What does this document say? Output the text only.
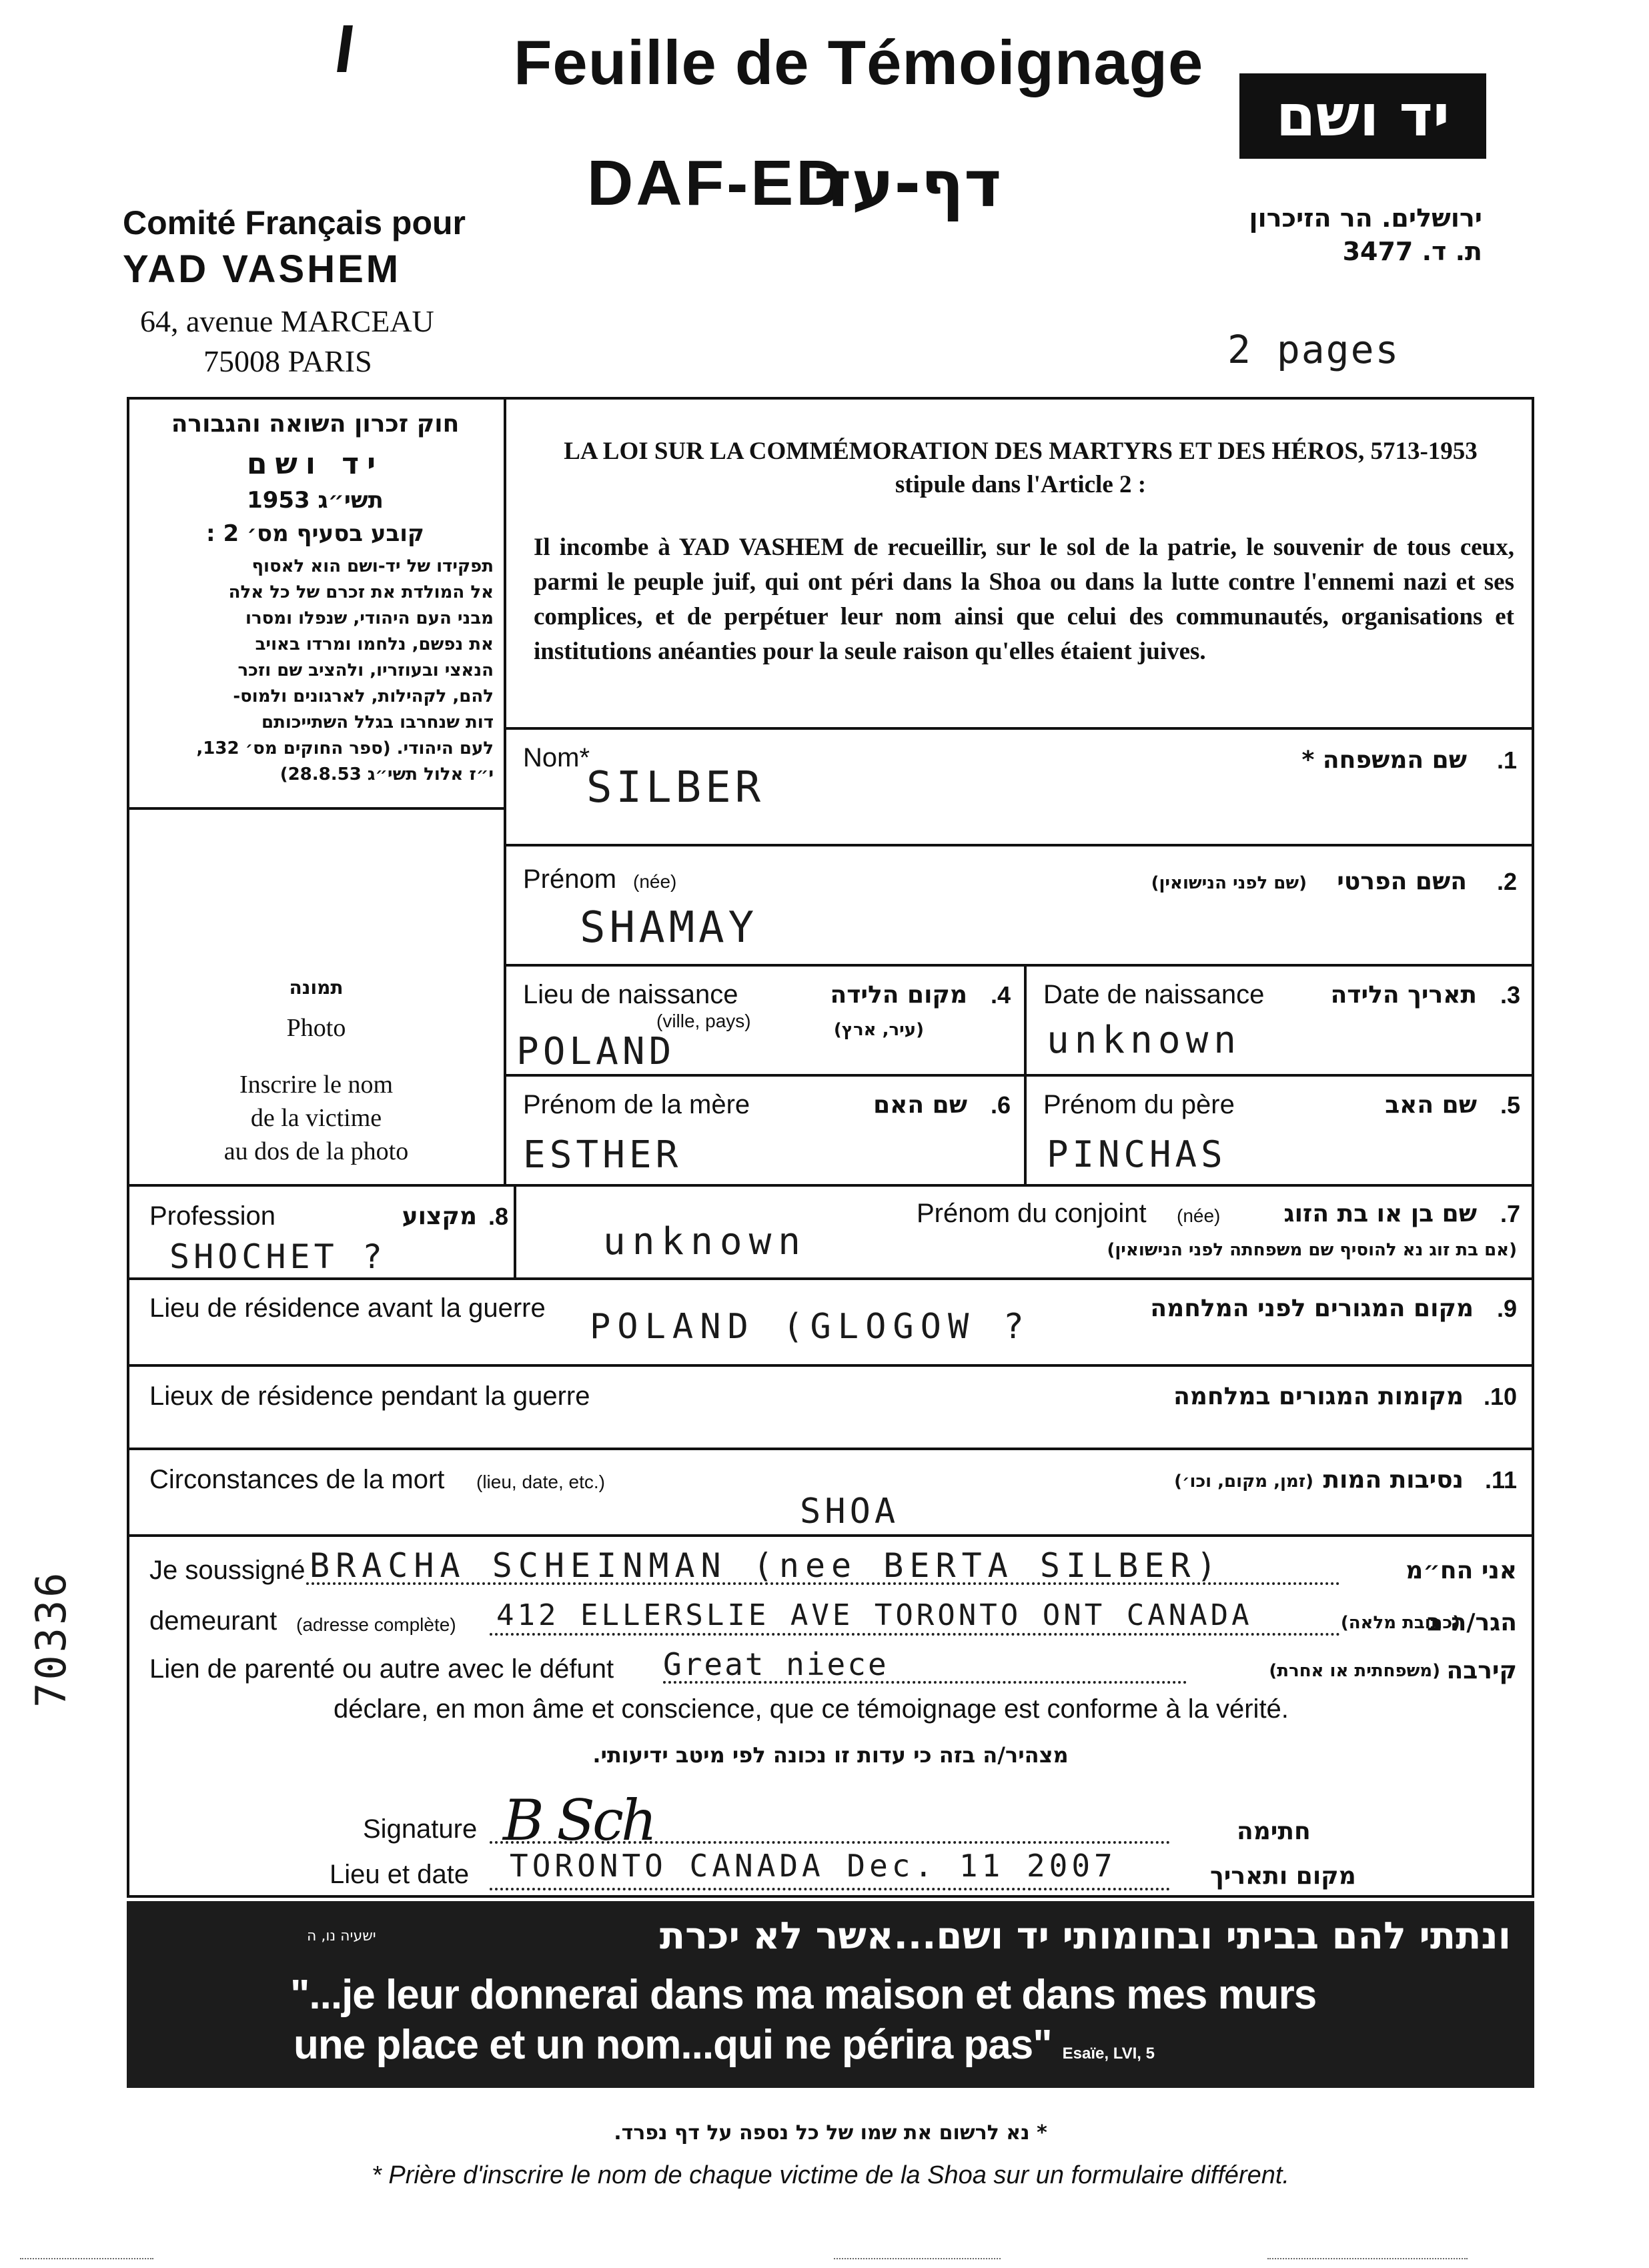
Feuille de Témoignage
DAF-ED
דף-עד
Comité Français pour
YAD VASHEM
64, avenue MARCEAU
75008 PARIS
יד ושם
ירושלים. הר הזיכרון
ת. ד. 3477
2 pages
חוק זכרון השואה והגבורה
יד ושם
תשי״ג 1953
קובע בסעיף מס׳ 2 :
תפקידו של יד-ושם הוא לאסוף
אל המולדת את זכרם של כל אלה
מבני העם היהודי, שנפלו ומסרו
את נפשם, נלחמו ומרדו באויב
הנאצי ובעוזריו, ולהציב שם וזכר
להם, לקהילות, לארגונים ולמוס-
דות שנחרבו בגלל השתייכותם
לעם היהודי. (ספר החוקים מס׳ 132,
י״ז אלול תשי״ג 28.8.53)
LA LOI SUR LA COMMÉMORATION DES MARTYRS ET DES HÉROS, 5713-1953
stipule dans l'Article 2 :
Il incombe à YAD VASHEM de recueillir, sur le sol de la patrie, le souvenir de tous ceux, parmi le peuple juif, qui ont péri dans la Shoa ou dans la lutte contre l'ennemi nazi et ses complices, et de perpétuer leur nom ainsi que celui des communautés, organisations et institutions anéanties pour la seule raison qu'elles étaient juives.
תמונה
Photo
Inscrire le nom
de la victime
au dos de la photo
Nom*	שם המשפחה * .1
SILBER
Prénom (née)	(שם לפני הנישואין) השם הפרטי .2
SHAMAY
Lieu de naissance
(ville, pays)
מקום הלידה
(עיר, ארץ)
.4
POLAND
Date de naissance	תאריך הלידה .3
unknown
Prénom de la mère	שם האם .6
ESTHER
Prénom du père	שם האב .5
PINCHAS
Profession	מקצוע .8
SHOCHET ?
Prénom du conjoint (née)	שם בן או בת הזוג
(אם בת זוג נא להוסיף שם משפחתה לפני הנישואין)
.7
unknown
Lieu de résidence avant la guerre	מקום המגורים לפני המלחמה .9
POLAND (GLOGOW ?
Lieux de résidence pendant la guerre	מקומות המגורים במלחמה .10
Circonstances de la mort (lieu, date, etc.)	נסיבות המות
(זמן, מקום, וכו׳)	.11
SHOA
Je soussigné BRACHA SCHEINMAN (nee BERTA SILBER)	אני הח״מ
demeurant (adresse complète) 412 ELLERSLIE AVE TORONTO ONT CANADA	(כתובת מלאה)
הגר/ה ב
Lien de parenté ou autre avec le défunt Great niece	(משפחתית או אחרת) קירבה
déclare, en mon âme et conscience, que ce témoignage est conforme à la vérité.
מצהיר/ה בזה כי עדות זו נכונה לפי מיטב ידיעותי.
Signature B Sch	חתימה
Lieu et date TORONTO CANADA Dec. 11 2007	מקום ותאריך
ונתתי להם בביתי ובחומותי יד ושם...אשר לא יכרת
ישעיה נו, ה
"...je leur donnerai dans ma maison et dans mes murs
une place et un nom...qui ne périra pas" Esaïe, LVI, 5
* נא לרשום את שמו של כל נספה על דף נפרד.
* Prière d'inscrire le nom de chaque victime de la Shoa sur un formulaire différent.
70336
